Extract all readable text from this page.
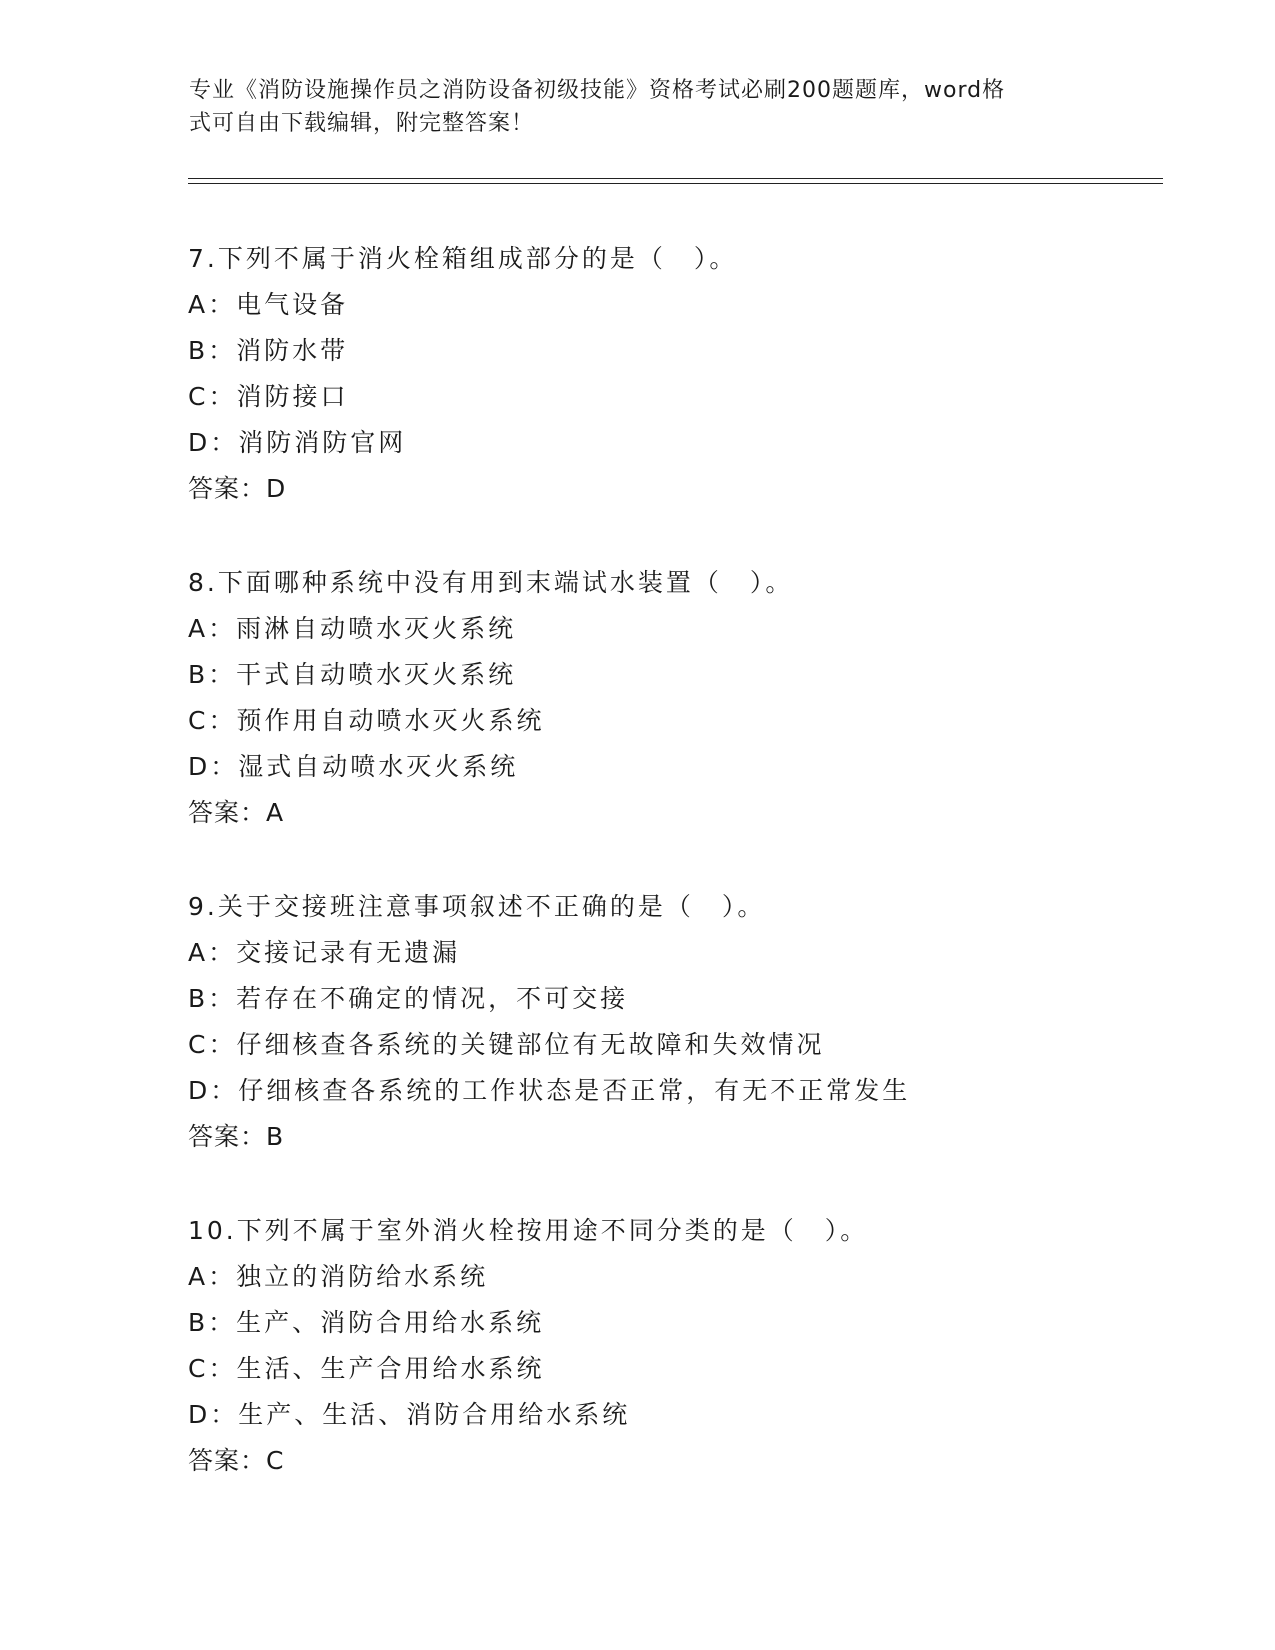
专业《消防设施操作员之消防设备初级技能》资格考试必刷200题题库，word格
式可自由下载编辑，附完整答案！
7.下列不属于消火栓箱组成部分的是（　）。
A：电气设备
B：消防水带
C：消防接口
D：消防消防官网
答案：D
8.下面哪种系统中没有用到末端试水装置（　）。
A：雨淋自动喷水灭火系统
B：干式自动喷水灭火系统
C：预作用自动喷水灭火系统
D：湿式自动喷水灭火系统
答案：A
9.关于交接班注意事项叙述不正确的是（　）。
A：交接记录有无遗漏
B：若存在不确定的情况，不可交接
C：仔细核查各系统的关键部位有无故障和失效情况
D：仔细核查各系统的工作状态是否正常，有无不正常发生
答案：B
10.下列不属于室外消火栓按用途不同分类的是（　）。
A：独立的消防给水系统
B：生产、消防合用给水系统
C：生活、生产合用给水系统
D：生产、生活、消防合用给水系统
答案：C
